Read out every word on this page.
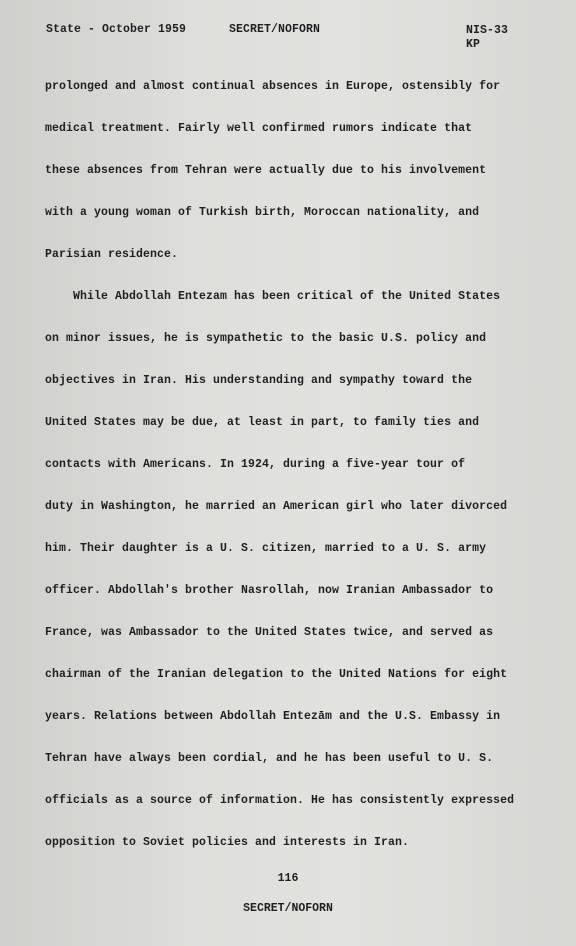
State - October 1959	SECRET/NOFORN	NIS-33
KP
prolonged and almost continual absences in Europe, ostensibly for
medical treatment. Fairly well confirmed rumors indicate that
these absences from Tehran were actually due to his involvement
with a young woman of Turkish birth, Moroccan nationality, and
Parisian residence.
While Abdollah Entezam has been critical of the United States
on minor issues, he is sympathetic to the basic U.S. policy and
objectives in Iran. His understanding and sympathy toward the
United States may be due, at least in part, to family ties and
contacts with Americans. In 1924, during a five-year tour of
duty in Washington, he married an American girl who later divorced
him. Their daughter is a U. S. citizen, married to a U. S. army
officer. Abdollah's brother Nasrollah, now Iranian Ambassador to
France, was Ambassador to the United States twice, and served as
chairman of the Iranian delegation to the United Nations for eight
years. Relations between Abdollah Entezām and the U.S. Embassy in
Tehran have always been cordial, and he has been useful to U. S.
officials as a source of information. He has consistently expressed
opposition to Soviet policies and interests in Iran.
116
SECRET/NOFORN
